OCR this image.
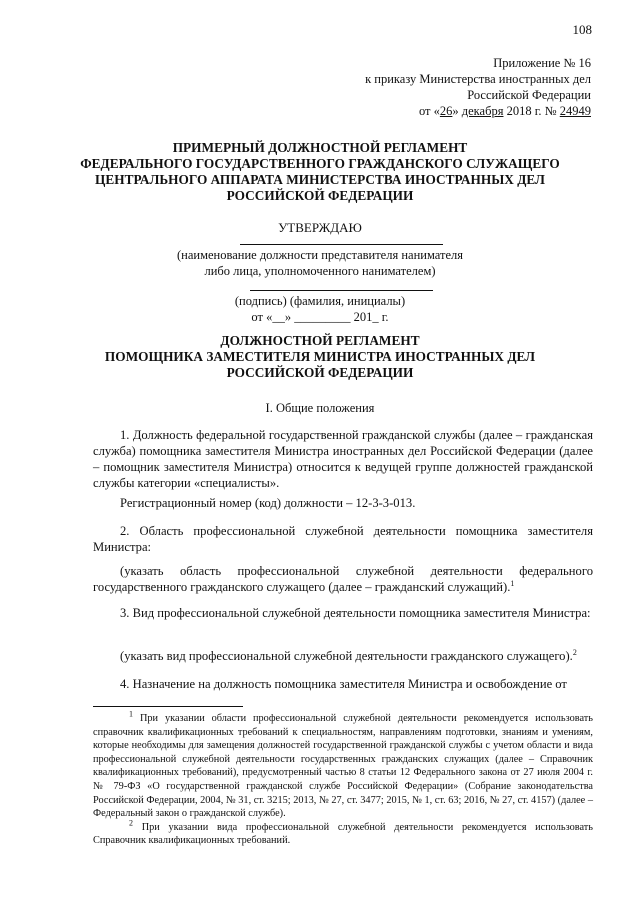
108
Приложение № 16
к приказу Министерства иностранных дел
Российской Федерации
от «26» декабря 2018 г. № 24949
ПРИМЕРНЫЙ ДОЛЖНОСТНОЙ РЕГЛАМЕНТ
ФЕДЕРАЛЬНОГО ГОСУДАРСТВЕННОГО ГРАЖДАНСКОГО СЛУЖАЩЕГО
ЦЕНТРАЛЬНОГО АППАРАТА МИНИСТЕРСТВА ИНОСТРАННЫХ ДЕЛ
РОССИЙСКОЙ ФЕДЕРАЦИИ
УТВЕРЖДАЮ
(наименование должности представителя нанимателя
либо лица, уполномоченного нанимателем)
(подпись) (фамилия, инициалы)
от «__» _________ 201_ г.
ДОЛЖНОСТНОЙ РЕГЛАМЕНТ
ПОМОЩНИКА ЗАМЕСТИТЕЛЯ МИНИСТРА ИНОСТРАННЫХ ДЕЛ
РОССИЙСКОЙ ФЕДЕРАЦИИ
I. Общие положения

1. Должность федеральной государственной гражданской службы (далее – гражданская служба) помощника заместителя Министра иностранных дел Российской Федерации (далее – помощник заместителя Министра) относится к ведущей группе должностей гражданской службы категории «специалисты».

Регистрационный номер (код) должности – 12-3-3-013.

2. Область профессиональной служебной деятельности помощника заместителя Министра:

(указать область профессиональной служебной деятельности федерального государственного гражданского служащего (далее – гражданский служащий).$^1$

3. Вид профессиональной служебной деятельности помощника заместителя Министра:

(указать вид профессиональной служебной деятельности гражданского служащего).$^2$

4. Назначение на должность помощника заместителя Министра и освобождение от

$^1$ При указании области профессиональной служебной деятельности рекомендуется использовать справочник квалификационных требований к специальностям, направлениям подготовки, знаниям и умениям, которые необходимы для замещения должностей государственной гражданской службы с учетом области и вида профессиональной служебной деятельности государственных гражданских служащих (далее – Справочник квалификационных требований), предусмотренный частью 8 статьи 12 Федерального закона от 27 июля 2004 г. № 79-ФЗ «О государственной гражданской службе Российской Федерации» (Собрание законодательства Российской Федерации, 2004, № 31, ст. 3215; 2013, № 27, ст. 3477; 2015, № 1, ст. 63; 2016, № 27, ст. 4157) (далее – Федеральный закон о гражданской службе).

$^2$ При указании вида профессиональной служебной деятельности рекомендуется использовать Справочник квалификационных требований.
